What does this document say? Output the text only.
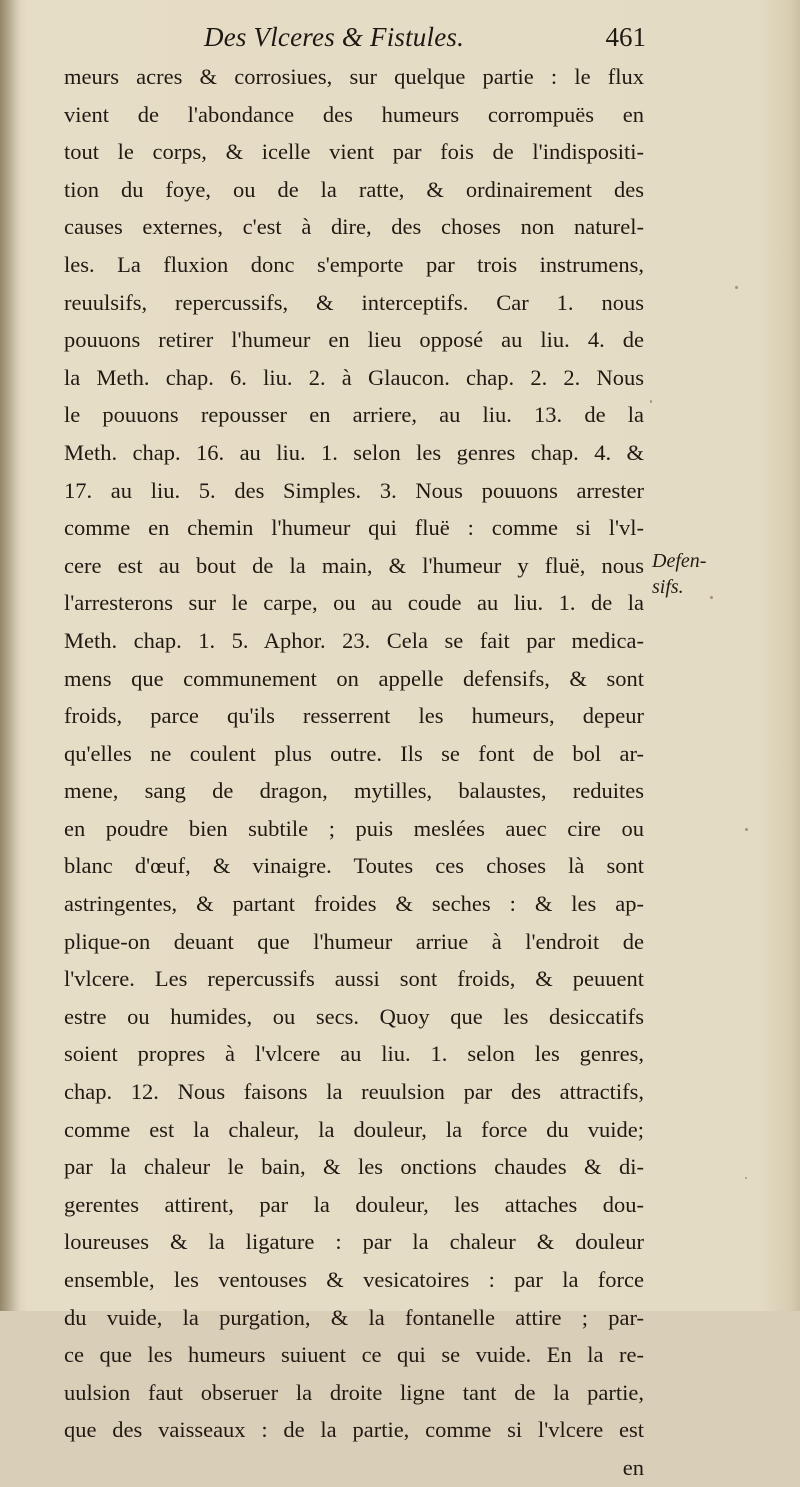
Des Vlceres & Fistules.	461
meurs acres & corrosiues, sur quelque partie : le flux
vient de l'abondance des humeurs corrompuës en
tout le corps, & icelle vient par fois de l'indispositi-
tion du foye, ou de la ratte, & ordinairement des
causes externes, c'est à dire, des choses non naturel-
les. La fluxion donc s'emporte par trois instrumens,
reuulsifs, repercussifs, & interceptifs. Car 1. nous
pouuons retirer l'humeur en lieu opposé au liu. 4. de
la Meth. chap. 6. liu. 2. à Glaucon. chap. 2. 2. Nous
le pouuons repousser en arriere, au liu. 13. de la
Meth. chap. 16. au liu. 1. selon les genres chap. 4. &
17. au liu. 5. des Simples. 3. Nous pouuons arrester
comme en chemin l'humeur qui fluë : comme si l'vl-
cere est au bout de la main, & l'humeur y fluë, nous
l'arresterons sur le carpe, ou au coude au liu. 1. de la
Meth. chap. 1. 5. Aphor. 23. Cela se fait par medica-
mens que communement on appelle defensifs, & sont
froids, parce qu'ils resserrent les humeurs, depeur
qu'elles ne coulent plus outre. Ils se font de bol ar-
mene, sang de dragon, mytilles, balaustes, reduites
en poudre bien subtile ; puis meslées auec cire ou
blanc d'œuf, & vinaigre. Toutes ces choses là sont
astringentes, & partant froides & seches : & les ap-
plique-on deuant que l'humeur arriue à l'endroit de
l'vlcere. Les repercussifs aussi sont froids, & peuuent
estre ou humides, ou secs. Quoy que les desiccatifs
soient propres à l'vlcere au liu. 1. selon les genres,
chap. 12. Nous faisons la reuulsion par des attractifs,
comme est la chaleur, la douleur, la force du vuide;
par la chaleur le bain, & les onctions chaudes & di-
gerentes attirent, par la douleur, les attaches dou-
loureuses & la ligature : par la chaleur & douleur
ensemble, les ventouses & vesicatoires : par la force
du vuide, la purgation, & la fontanelle attire ; par-
ce que les humeurs suiuent ce qui se vuide. En la re-
uulsion faut obseruer la droite ligne tant de la partie,
que des vaisseaux : de la partie, comme si l'vlcere est
en
Defen-
sifs.
